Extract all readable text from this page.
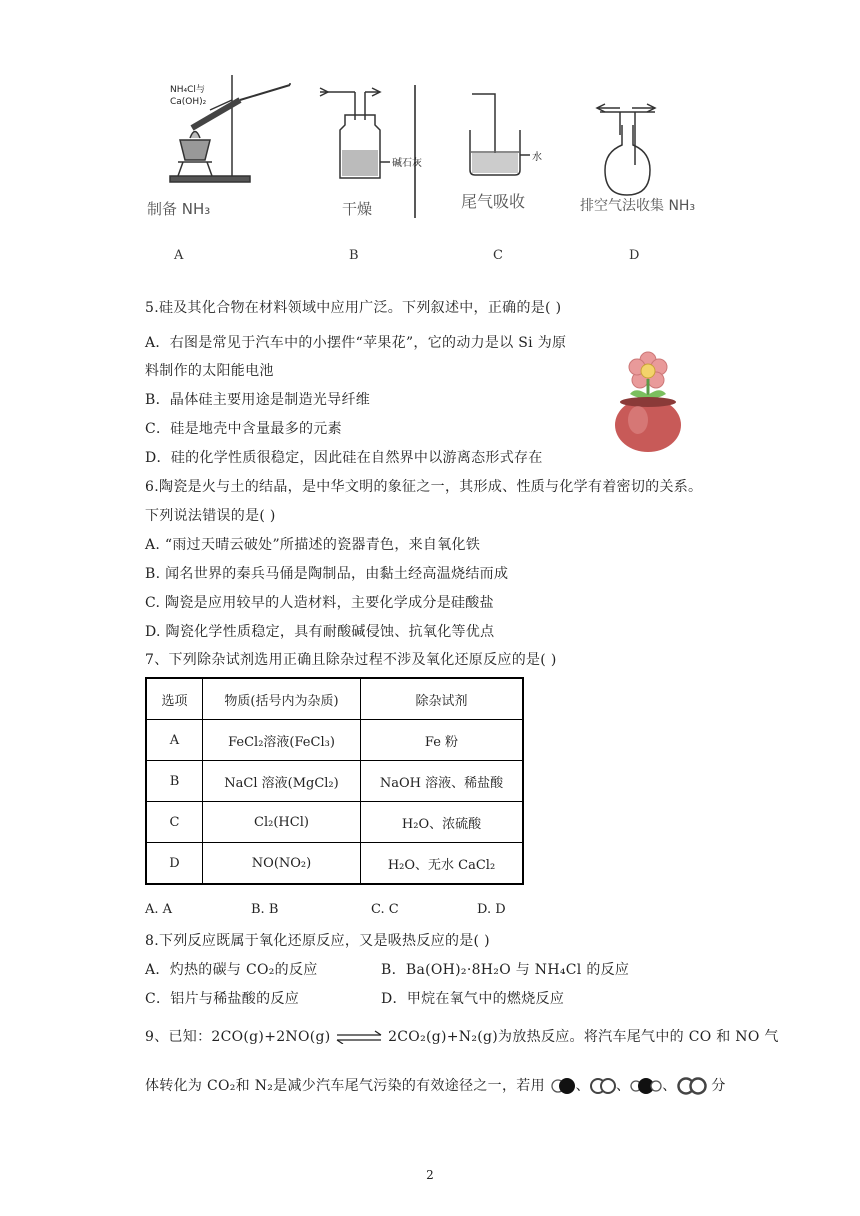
NH₄Cl与
Ca(OH)₂
碱石灰
水
制备 NH₃	干燥	尾气吸收	排空气法收集 NH₃
A	B	C	D
5.硅及其化合物在材料领域中应用广泛。下列叙述中，正确的是( )
A．右图是常见于汽车中的小摆件“苹果花”，它的动力是以 Si 为原
料制作的太阳能电池
B．晶体硅主要用途是制造光导纤维
C．硅是地壳中含量最多的元素
D．硅的化学性质很稳定，因此硅在自然界中以游离态形式存在
6.陶瓷是火与土的结晶，是中华文明的象征之一，其形成、性质与化学有着密切的关系。
下列说法错误的是( )
A. “雨过天晴云破处”所描述的瓷器青色，来自氧化铁
B. 闻名世界的秦兵马俑是陶制品，由黏土经高温烧结而成
C. 陶瓷是应用较早的人造材料，主要化学成分是硅酸盐
D. 陶瓷化学性质稳定，具有耐酸碱侵蚀、抗氧化等优点
7、下列除杂试剂选用正确且除杂过程不涉及氧化还原反应的是( )
选项	物质(括号内为杂质)	除杂试剂
A	FeCl₂溶液(FeCl₃)	Fe 粉
B	NaCl 溶液(MgCl₂)	NaOH 溶液、稀盐酸
C	Cl₂(HCl)	H₂O、浓硫酸
D	NO(NO₂)	H₂O、无水 CaCl₂
A. A	B. B	C. C	D. D
8.下列反应既属于氧化还原反应，又是吸热反应的是( )
A．灼热的碳与 CO₂的反应	B．Ba(OH)₂·8H₂O 与 NH₄Cl 的反应
C．铝片与稀盐酸的反应	D．甲烷在氧气中的燃烧反应
9、已知：2CO(g)+2NO(g) ⇌ 2CO₂(g)+N₂(g)为放热反应。将汽车尾气中的 CO 和 NO 气
体转化为 CO₂和 N₂是减少汽车尾气污染的有效途径之一，若用 、 、 、 分
2
